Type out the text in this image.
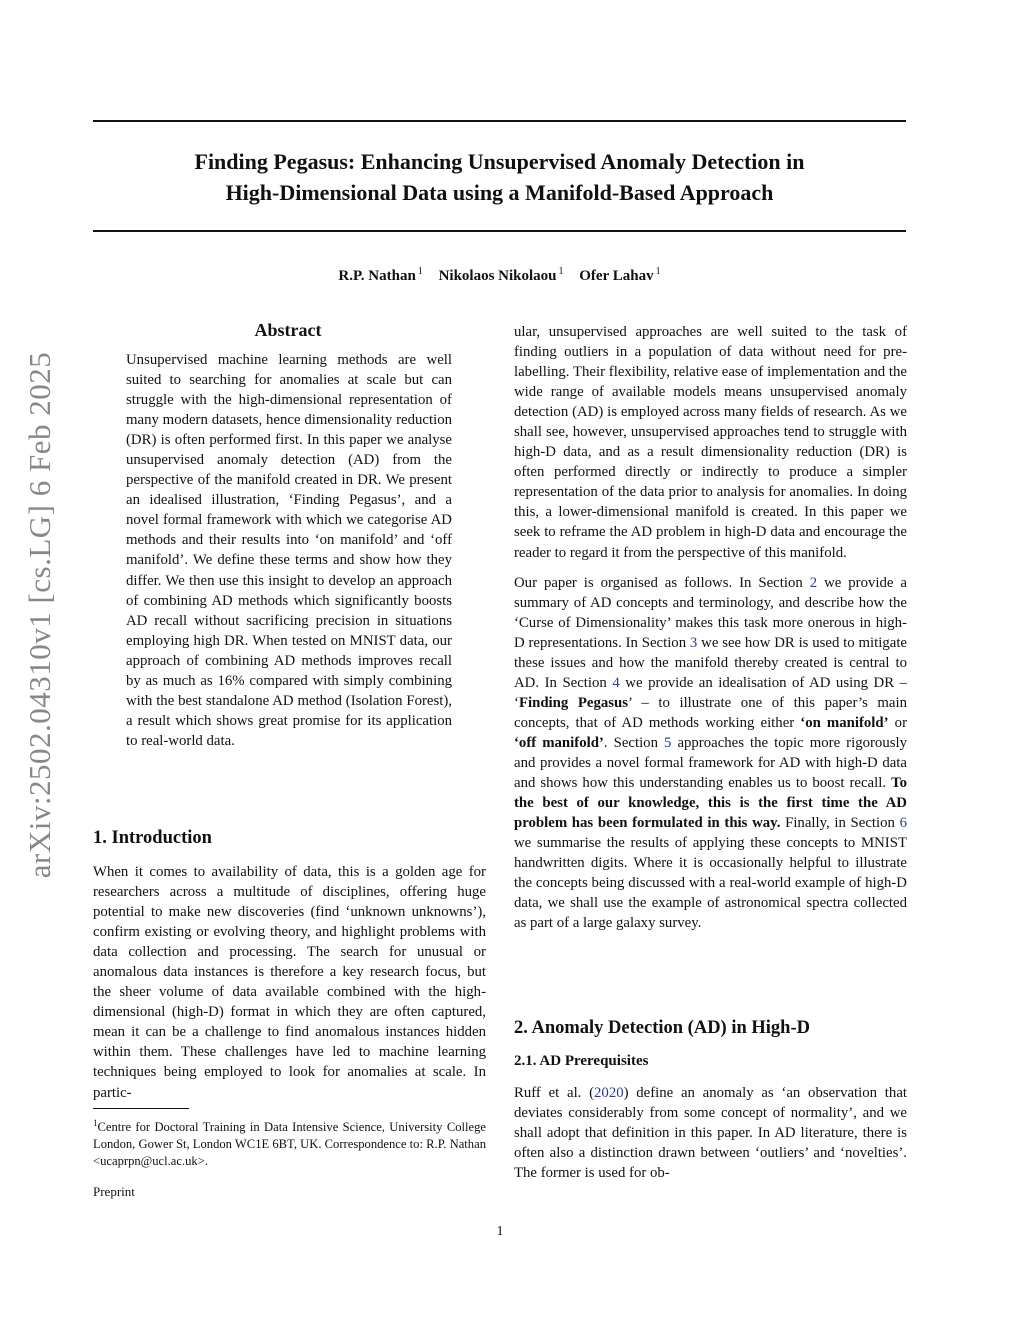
Finding Pegasus: Enhancing Unsupervised Anomaly Detection in
High-Dimensional Data using a Manifold-Based Approach
R.P. Nathan $^1$ Nikolaos Nikolaou $^1$ Ofer Lahav $^1$
arXiv:2502.04310v1 [cs.LG] 6 Feb 2025
Abstract
Unsupervised machine learning methods are well suited to searching for anomalies at scale but can struggle with the high-dimensional representation of many modern datasets, hence dimensionality reduction (DR) is often performed first. In this paper we analyse unsupervised anomaly detection (AD) from the perspective of the manifold created in DR. We present an idealised illustration, ‘Finding Pegasus’, and a novel formal framework with which we categorise AD methods and their results into ‘on manifold’ and ‘off manifold’. We define these terms and show how they differ. We then use this insight to develop an approach of combining AD methods which significantly boosts AD recall without sacrificing precision in situations employing high DR. When tested on MNIST data, our approach of combining AD methods improves recall by as much as 16% compared with simply combining with the best standalone AD method (Isolation Forest), a result which shows great promise for its application to real-world data.
1. Introduction
When it comes to availability of data, this is a golden age for researchers across a multitude of disciplines, offering huge potential to make new discoveries (find ‘unknown unknowns’), confirm existing or evolving theory, and highlight problems with data collection and processing. The search for unusual or anomalous data instances is therefore a key research focus, but the sheer volume of data available combined with the high-dimensional (high-D) format in which they are often captured, mean it can be a challenge to find anomalous instances hidden within them. These challenges have led to machine learning techniques being employed to look for anomalies at scale. In partic-
$^1$Centre for Doctoral Training in Data Intensive Science, University College London, Gower St, London WC1E 6BT, UK. Correspondence to: R.P. Nathan <ucaprpn@ucl.ac.uk>.
Preprint

ular, unsupervised approaches are well suited to the task of finding outliers in a population of data without need for pre-labelling. Their flexibility, relative ease of implementation and the wide range of available models means unsupervised anomaly detection (AD) is employed across many fields of research. As we shall see, however, unsupervised approaches tend to struggle with high-D data, and as a result dimensionality reduction (DR) is often performed directly or indirectly to produce a simpler representation of the data prior to analysis for anomalies. In doing this, a lower-dimensional manifold is created. In this paper we seek to reframe the AD problem in high-D data and encourage the reader to regard it from the perspective of this manifold.

Our paper is organised as follows. In Section 2 we provide a summary of AD concepts and terminology, and describe how the ‘Curse of Dimensionality’ makes this task more onerous in high-D representations. In Section 3 we see how DR is used to mitigate these issues and how the manifold thereby created is central to AD. In Section 4 we provide an idealisation of AD using DR – ‘Finding Pegasus’ – to illustrate one of this paper’s main concepts, that of AD methods working either ‘on manifold’ or ‘off manifold’. Section 5 approaches the topic more rigorously and provides a novel formal framework for AD with high-D data and shows how this understanding enables us to boost recall. To the best of our knowledge, this is the first time the AD problem has been formulated in this way. Finally, in Section 6 we summarise the results of applying these concepts to MNIST handwritten digits. Where it is occasionally helpful to illustrate the concepts being discussed with a real-world example of high-D data, we shall use the example of astronomical spectra collected as part of a large galaxy survey.

2. Anomaly Detection (AD) in High-D
2.1. AD Prerequisites
Ruff et al. (2020) define an anomaly as ‘an observation that deviates considerably from some concept of normality’, and we shall adopt that definition in this paper. In AD literature, there is often also a distinction drawn between ‘outliers’ and ‘novelties’. The former is used for ob-
1
